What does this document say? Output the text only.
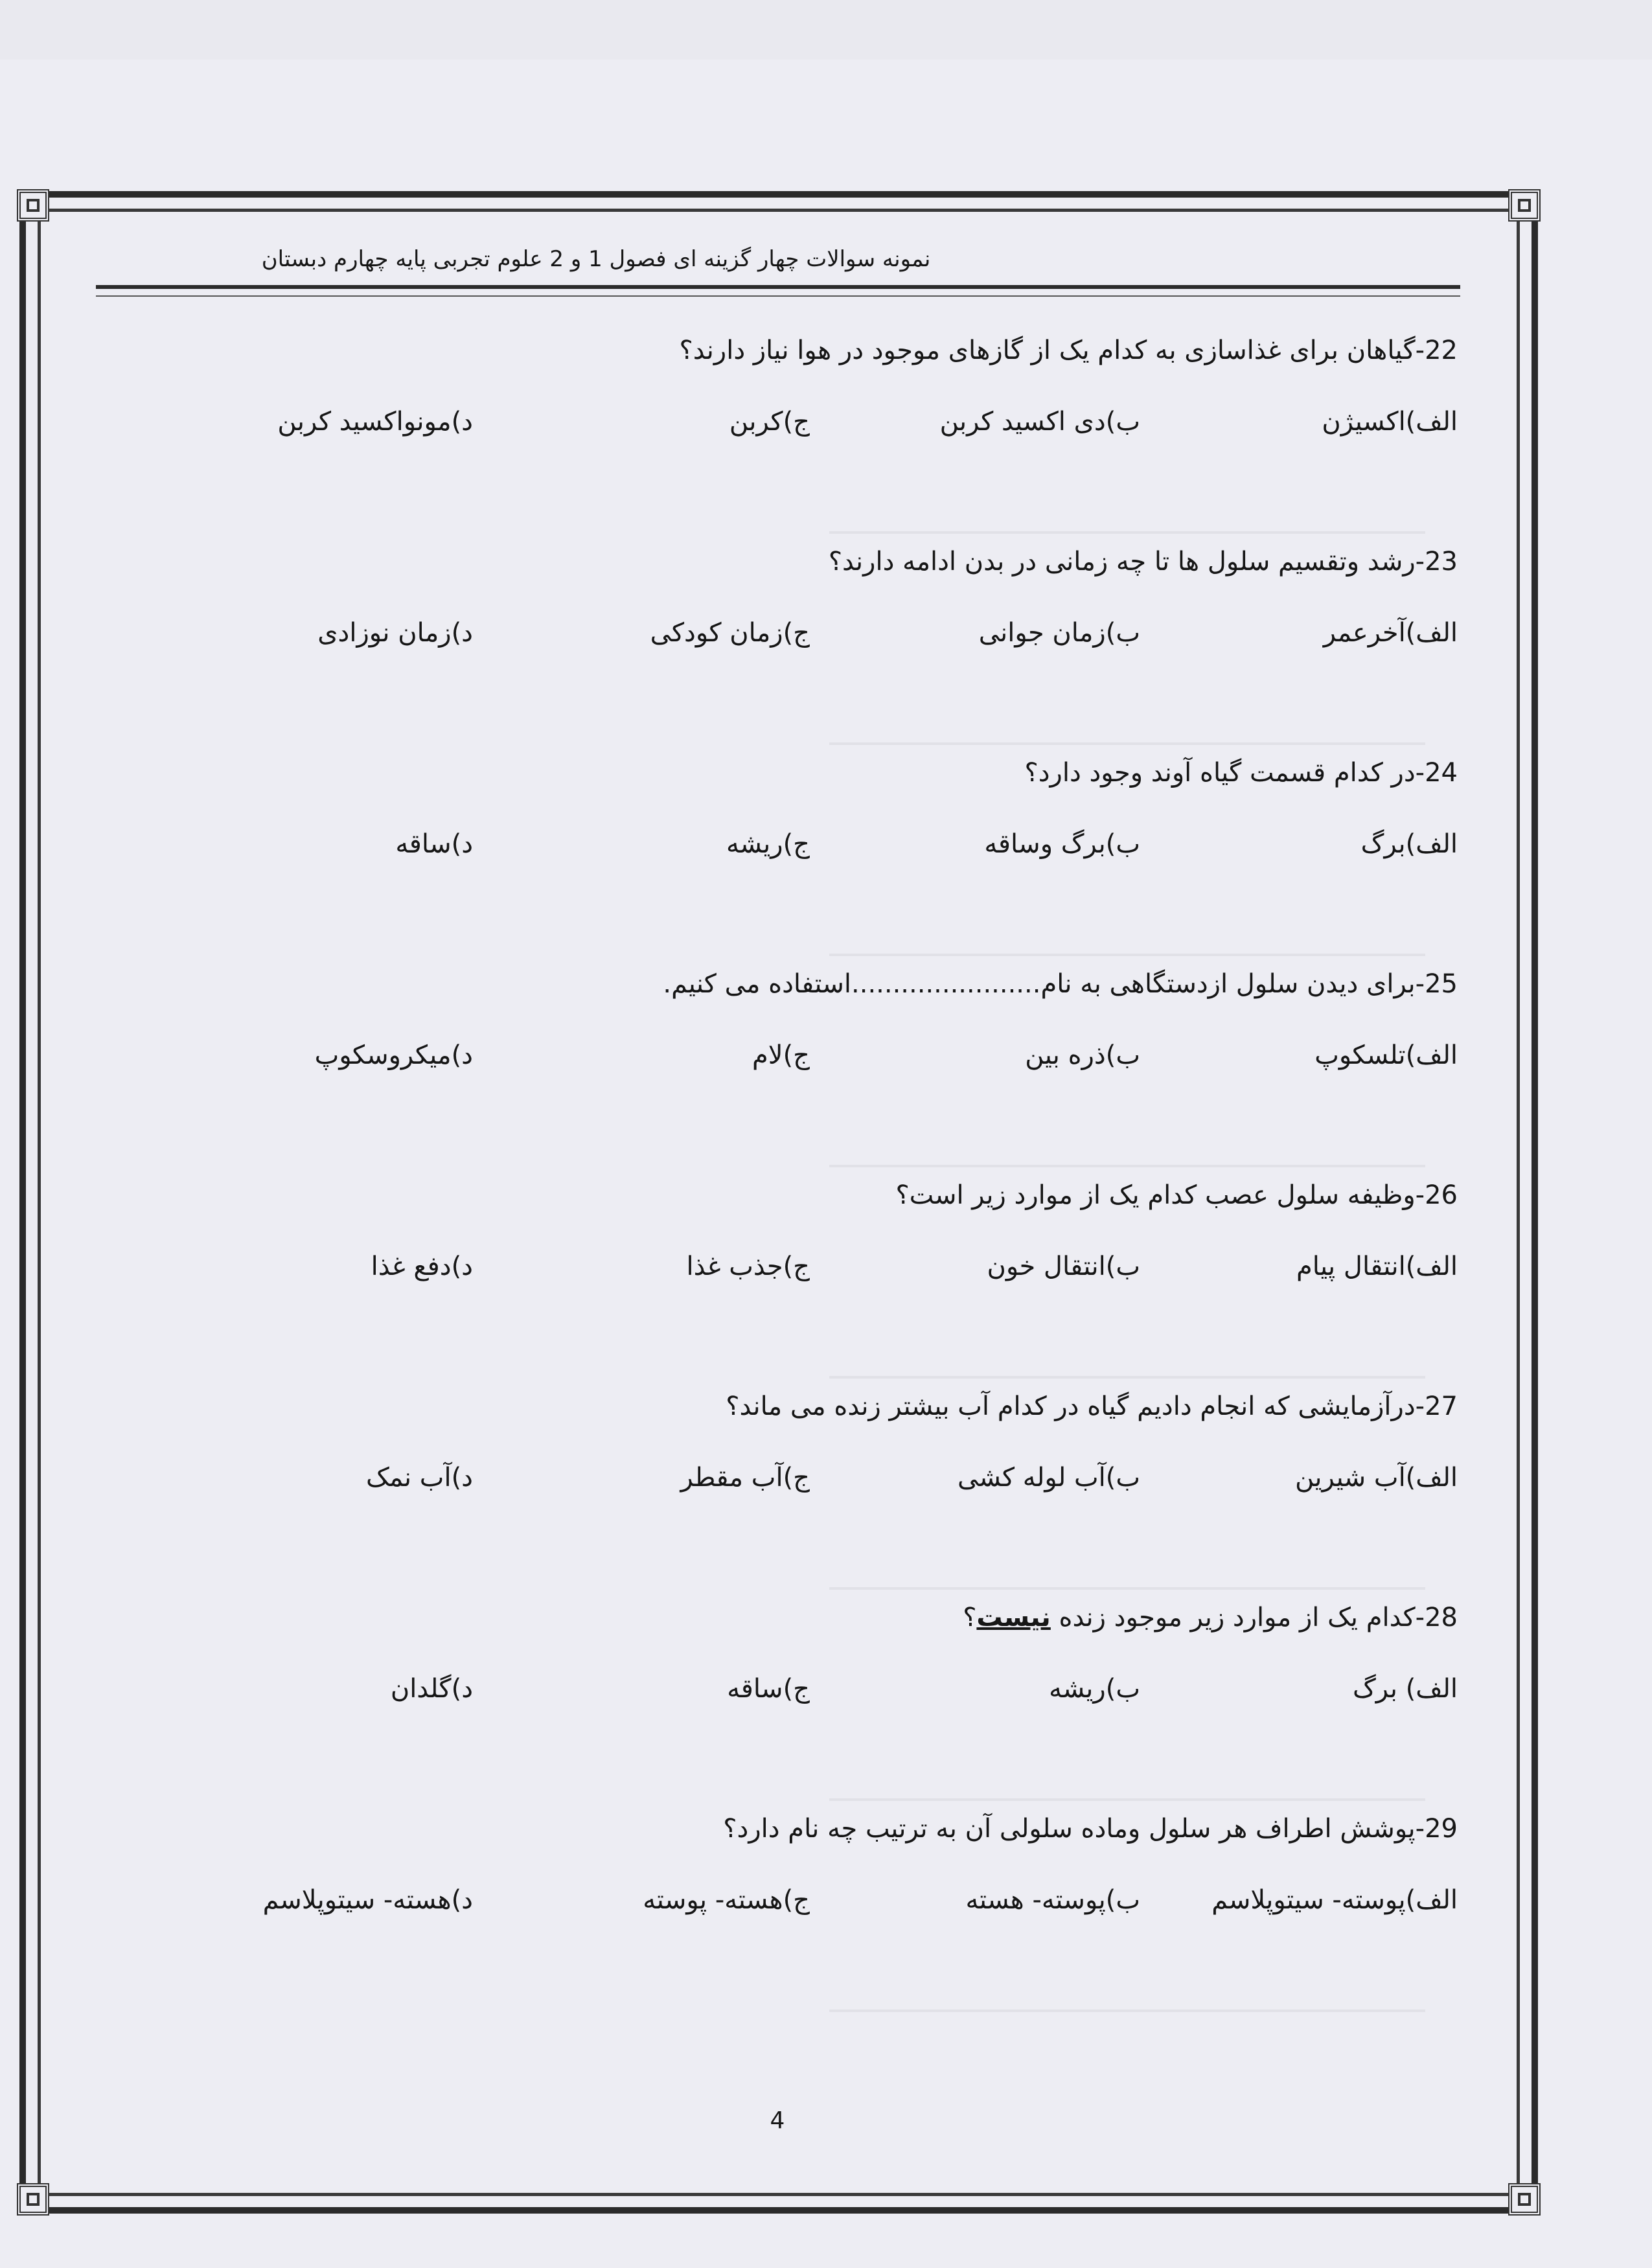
نمونه سوالات چهار گزینه ای فصول 1 و 2 علوم تجربی پایه چهارم دبستان
22-گیاهان برای غذاسازی به کدام یک از گازهای موجود در هوا نیاز دارند؟
الف)اکسیژن
ب)دی اکسید کربن
ج)کربن
د)مونواکسید کربن
23-رشد وتقسیم سلول ها تا چه زمانی در بدن ادامه دارند؟
الف)آخرعمر
ب)زمان جوانی
ج)زمان کودکی
د)زمان نوزادی
24-در کدام قسمت گیاه آوند وجود دارد؟
الف)برگ
ب)برگ وساقه
ج)ریشه
د)ساقه
25-برای دیدن سلول ازدستگاهی به نام.......................استفاده می کنیم.
الف)تلسکوپ
ب)ذره بین
ج)لام
د)میکروسکوپ
26-وظیفه سلول عصب کدام یک از موارد زیر است؟
الف)انتقال پیام
ب)انتقال خون
ج)جذب غذا
د)دفع غذا
27-درآزمایشی که انجام دادیم گیاه در کدام آب بیشتر زنده می ماند؟
الف)آب شیرین
ب)آب لوله کشی
ج)آب مقطر
د)آب نمک
28-کدام یک از موارد زیر موجود زنده نیست؟
الف) برگ
ب)ریشه
ج)ساقه
د)گلدان
29-پوشش اطراف هر سلول وماده سلولی آن به ترتیب چه نام دارد؟
الف)پوسته- سیتوپلاسم
ب)پوسته- هسته
ج)هسته- پوسته
د)هسته- سیتوپلاسم
4
